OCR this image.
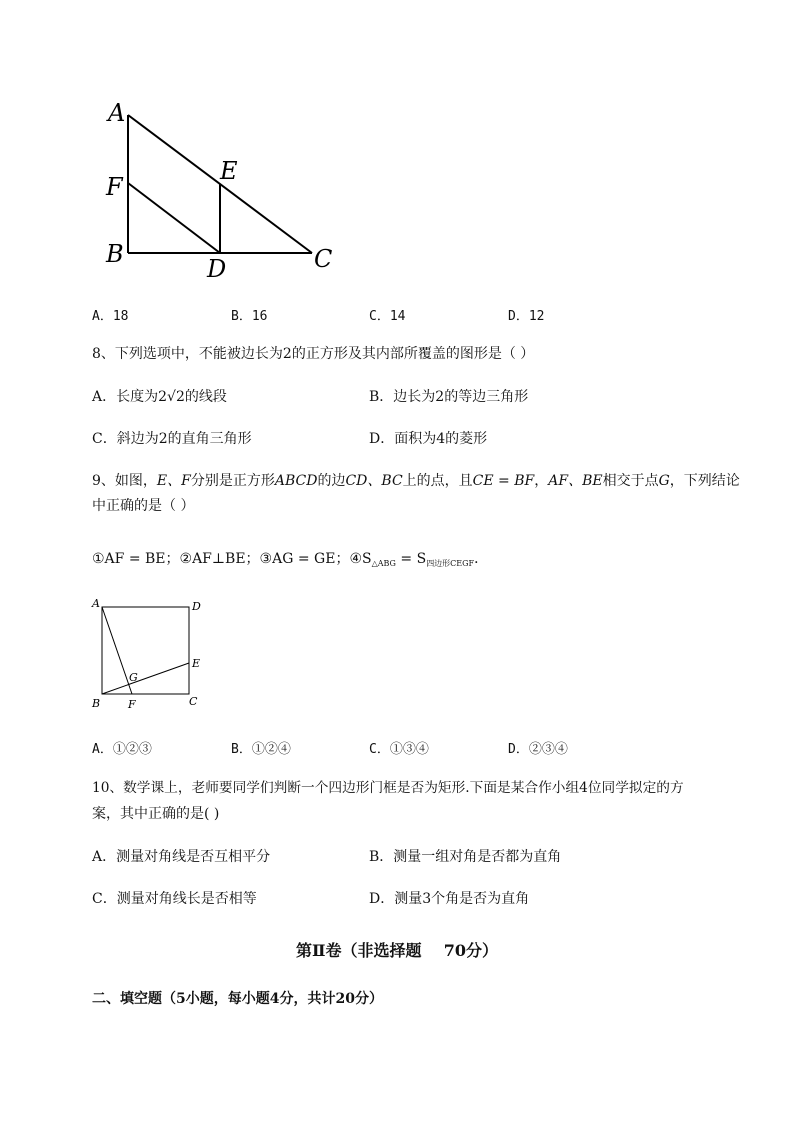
A
E
F
B
D	C
A．18	B．16	C．14	D．12
8、下列选项中，不能被边长为2的正方形及其内部所覆盖的图形是（ ）
A．长度为2√2的线段	B．边长为2的等边三角形
C．斜边为2的直角三角形	D．面积为4的菱形
9、如图，E、F分别是正方形ABCD的边CD、BC上的点，且CE = BF，AF、BE相交于点G，下列结论
中正确的是（ ）
①AF = BE；②AF⊥BE；③AG = GE；$④S_{\triangle ABG} = S_{四边形CEGF}$．
A	D
E
G
B	F	C
A．①②③	B．①②④	C．①③④	D．②③④
10、数学课上，老师要同学们判断一个四边形门框是否为矩形.下面是某合作小组4位同学拟定的方
案，其中正确的是( )
A．测量对角线是否互相平分	B．测量一组对角是否都为直角
C．测量对角线长是否相等	D．测量3个角是否为直角
第Ⅱ卷（非选择题    70分）
二、填空题（5小题，每小题4分，共计20分）
